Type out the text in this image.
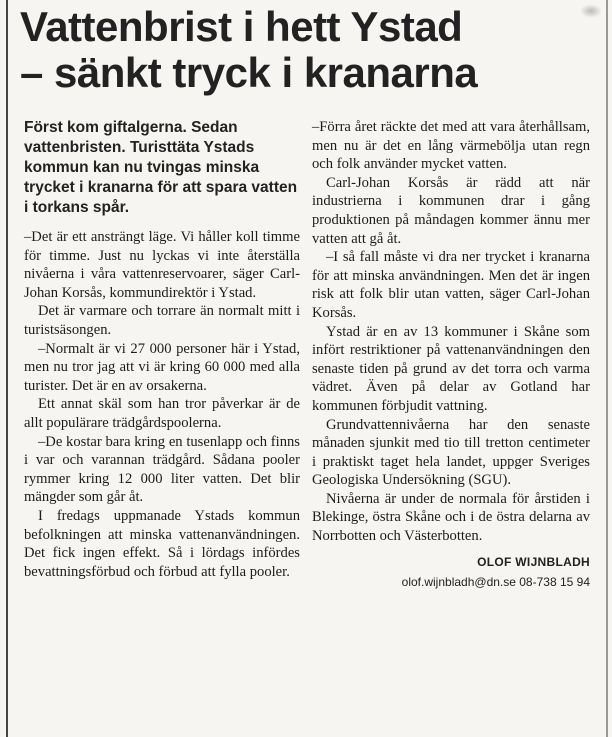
Vattenbrist i hett Ystad
– sänkt tryck i kranarna

Först kom giftalgerna. Sedan vattenbristen. Turisttäta Ystads kommun kan nu tvingas minska trycket i kranarna för att spara vatten i torkans spår.

–Det är ett ansträngt läge. Vi håller koll timme för timme. Just nu lyckas vi inte återställa nivåerna i våra vattenreservoarer, säger Carl-Johan Korsås, kommundirektör i Ystad.

Det är varmare och torrare än normalt mitt i turistsäsongen.

–Normalt är vi 27 000 personer här i Ystad, men nu tror jag att vi är kring 60 000 med alla turister. Det är en av orsakerna.

Ett annat skäl som han tror påverkar är de allt populärare trädgårdspoolerna.

–De kostar bara kring en tusenlapp och finns i var och varannan trädgård. Sådana pooler rymmer kring 12 000 liter vatten. Det blir mängder som går åt.

I fredags uppmanade Ystads kommun befolkningen att minska vattenanvändningen. Det fick ingen effekt. Så i lördags infördes bevattningsförbud och förbud att fylla pooler.

–Förra året räckte det med att vara återhållsam, men nu är det en lång värmebölja utan regn och folk använder mycket vatten.

Carl-Johan Korsås är rädd att när industrierna i kommunen drar i gång produktionen på måndagen kommer ännu mer vatten att gå åt.

–I så fall måste vi dra ner trycket i kranarna för att minska användningen. Men det är ingen risk att folk blir utan vatten, säger Carl-Johan Korsås.

Ystad är en av 13 kommuner i Skåne som infört restriktioner på vattenanvändningen den senaste tiden på grund av det torra och varma vädret. Även på delar av Gotland har kommunen förbjudit vattning.

Grundvattennivåerna har den senaste månaden sjunkit med tio till tretton centimeter i praktiskt taget hela landet, uppger Sveriges Geologiska Undersökning (SGU).

Nivåerna är under de normala för årstiden i Blekinge, östra Skåne och i de östra delarna av Norrbotten och Västerbotten.

OLOF WIJNBLADH

olof.wijnbladh@dn.se 08-738 15 94
